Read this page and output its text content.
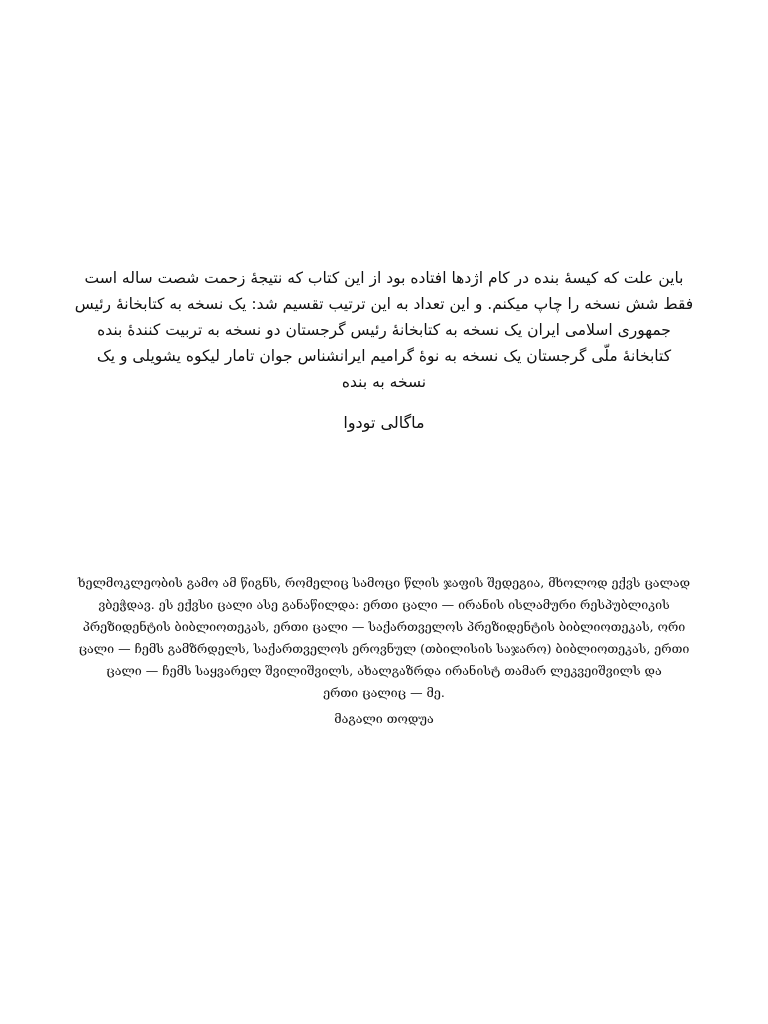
باین علت که کیسهٔ بنده در کام اژدها افتاده بود از این کتاب که نتیجهٔ زحمت شصت ساله است
فقط شش نسخه را چاپ میکنم. و این تعداد به این ترتیب تقسیم شد: یک نسخه به کتابخانهٔ رئیس
جمهوری اسلامی ایران یک نسخه به کتابخانهٔ رئیس گرجستان دو نسخه به تربیت کنندهٔ بنده
کتابخانهٔ ملّی گرجستان یک نسخه به نوهٔ گرامیم ایرانشناس جوان تامار لیکوه یشویلی و یک
نسخه به بنده
ماگالی تودوا
ხელმოკლეობის გამო ამ წიგნს, რომელიც სამოცი წლის ჯაფის შედეგია, მხოლოდ ექვს ცალად
ვბეჭდავ. ეს ექვსი ცალი ასე განაწილდა: ერთი ცალი — ირანის ისლამური რესპუბლიკის
პრეზიდენტის ბიბლიოთეკას, ერთი ცალი — საქართველოს პრეზიდენტის ბიბლიოთეკას, ორი
ცალი — ჩემს გამზრდელს, საქართველოს ეროვნულ (თბილისის საჯარო) ბიბლიოთეკას, ერთი
ცალი — ჩემს საყვარელ შვილიშვილს, ახალგაზრდა ირანისტ თამარ ლეკვეიშვილს და
ერთი ცალიც — მე.
მაგალი თოდუა
